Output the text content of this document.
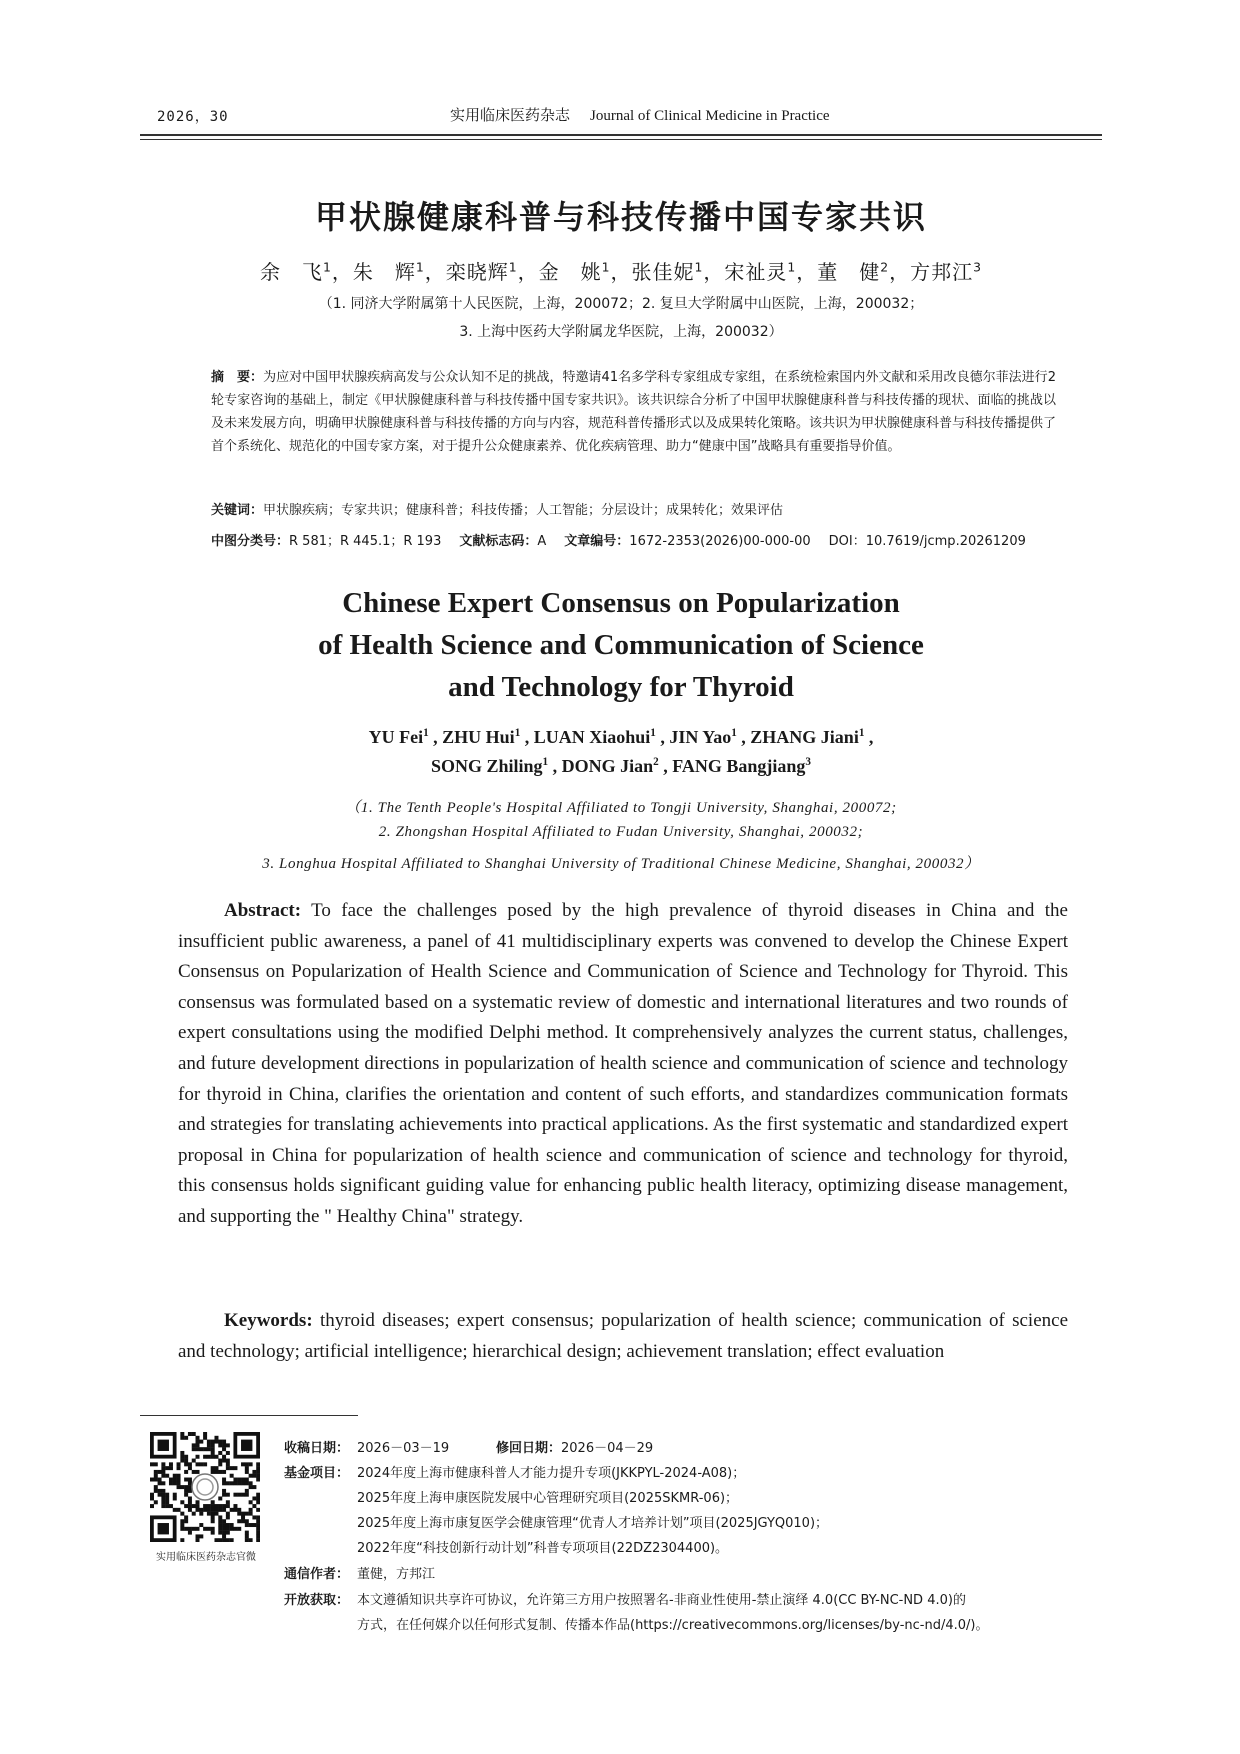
2026，30	实用临床医药杂志 Journal of Clinical Medicine in Practice
甲状腺健康科普与科技传播中国专家共识
余　飞$^1$，朱　辉$^1$，栾晓辉$^1$，金　姚$^1$，张佳妮$^1$，宋祉灵$^1$，董　健$^2$，方邦江$^3$
（1. 同济大学附属第十人民医院，上海，200072；2. 复旦大学附属中山医院，上海，200032；
3. 上海中医药大学附属龙华医院，上海，200032）
摘　要：为应对中国甲状腺疾病高发与公众认知不足的挑战，特邀请41名多学科专家组成专家组，在系统检索国内外文献和采用改良德尔菲法进行2轮专家咨询的基础上，制定《甲状腺健康科普与科技传播中国专家共识》。该共识综合分析了中国甲状腺健康科普与科技传播的现状、面临的挑战以及未来发展方向，明确甲状腺健康科普与科技传播的方向与内容，规范科普传播形式以及成果转化策略。该共识为甲状腺健康科普与科技传播提供了首个系统化、规范化的中国专家方案，对于提升公众健康素养、优化疾病管理、助力“健康中国”战略具有重要指导价值。
关键词：甲状腺疾病；专家共识；健康科普；科技传播；人工智能；分层设计；成果转化；效果评估
中图分类号：R 581；R 445.1；R 193 文献标志码：A 文章编号：1672-2353(2026)00-000-00 DOI：10.7619/jcmp.20261209
Chinese Expert Consensus on Popularization
of Health Science and Communication of Science
and Technology for Thyroid
YU Fei$^1$ , ZHU Hui$^1$ , LUAN Xiaohui$^1$ , JIN Yao$^1$ , ZHANG Jiani$^1$ ,
SONG Zhiling$^1$ , DONG Jian$^2$ , FANG Bangjiang$^3$
（1. The Tenth People's Hospital Affiliated to Tongji University, Shanghai, 200072;
2. Zhongshan Hospital Affiliated to Fudan University, Shanghai, 200032;
3. Longhua Hospital Affiliated to Shanghai University of Traditional Chinese Medicine, Shanghai, 200032）
Abstract: To face the challenges posed by the high prevalence of thyroid diseases in China and the insufficient public awareness, a panel of 41 multidisciplinary experts was convened to develop the Chinese Expert Consensus on Popularization of Health Science and Communication of Science and Technology for Thyroid. This consensus was formulated based on a systematic review of domestic and international literatures and two rounds of expert consultations using the modified Delphi method. It comprehensively analyzes the current status, challenges, and future development directions in popularization of health science and communication of science and technology for thyroid in China, clarifies the orientation and content of such efforts, and standardizes communication formats and strategies for translating achievements into practical applications. As the first systematic and standardized expert proposal in China for popularization of health science and communication of science and technology for thyroid, this consensus holds significant guiding value for enhancing public health literacy, optimizing disease management, and supporting the " Healthy China" strategy.
Keywords: thyroid diseases; expert consensus; popularization of health science; communication of science and technology; artificial intelligence; hierarchical design; achievement translation; effect evaluation
实用临床医药杂志官微
收稿日期： 2026－03－19	修回日期：2026－04－29
基金项目： 2024年度上海市健康科普人才能力提升专项(JKKPYL-2024-A08)；
2025年度上海申康医院发展中心管理研究项目(2025SKMR-06)；
2025年度上海市康复医学会健康管理“优青人才培养计划”项目(2025JGYQ010)；
2022年度“科技创新行动计划”科普专项项目(22DZ2304400)。
通信作者： 董健，方邦江
开放获取： 本文遵循知识共享许可协议，允许第三方用户按照署名-非商业性使用-禁止演绎 4.0(CC BY-NC-ND 4.0)的
方式，在任何媒介以任何形式复制、传播本作品(https://creativecommons.org/licenses/by-nc-nd/4.0/)。
